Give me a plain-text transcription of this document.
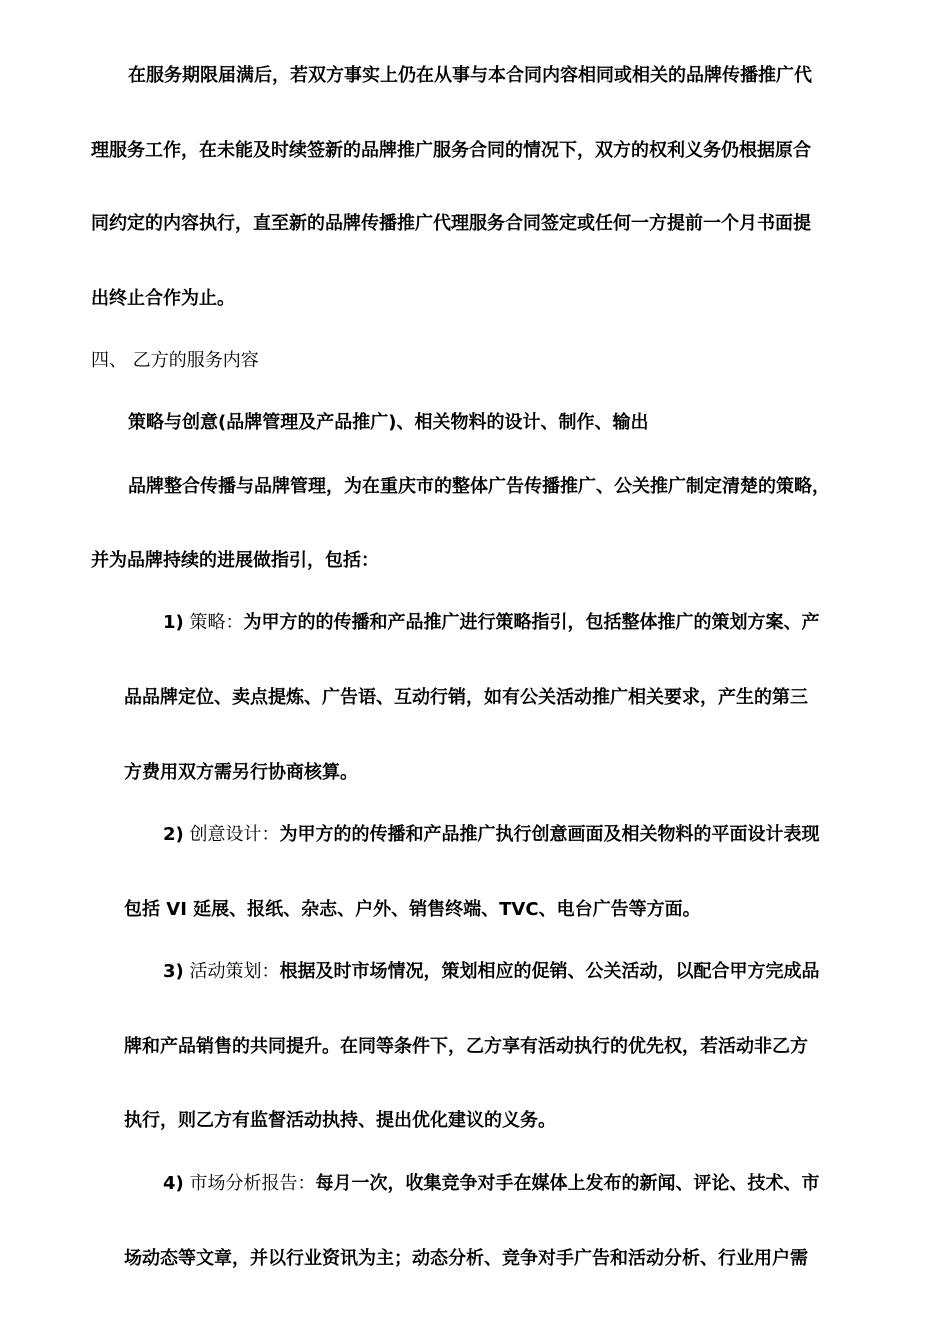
在服务期限届满后，若双方事实上仍在从事与本合同内容相同或相关的品牌传播推广代
理服务工作，在未能及时续签新的品牌推广服务合同的情况下，双方的权利义务仍根据原合
同约定的内容执行，直至新的品牌传播推广代理服务合同签定或任何一方提前一个月书面提
出终止合作为止。
四、 乙方的服务内容
策略与创意(品牌管理及产品推广)、相关物料的设计、制作、输出
品牌整合传播与品牌管理，为在重庆市的整体广告传播推广、公关推广制定清楚的策略，
并为品牌持续的进展做指引，包括：
1) 策略：为甲方的的传播和产品推广进行策略指引，包括整体推广的策划方案、产
品品牌定位、卖点提炼、广告语、互动行销，如有公关活动推广相关要求，产生的第三
方费用双方需另行协商核算。
2) 创意设计：为甲方的的传播和产品推广执行创意画面及相关物料的平面设计表现
包括 VI 延展、报纸、杂志、户外、销售终端、TVC、电台广告等方面。
3) 活动策划：根据及时市场情况，策划相应的促销、公关活动，以配合甲方完成品
牌和产品销售的共同提升。在同等条件下，乙方享有活动执行的优先权，若活动非乙方
执行，则乙方有监督活动执持、提出优化建议的义务。
4) 市场分析报告：每月一次，收集竞争对手在媒体上发布的新闻、评论、技术、市
场动态等文章，并以行业资讯为主；动态分析、竞争对手广告和活动分析、行业用户需
